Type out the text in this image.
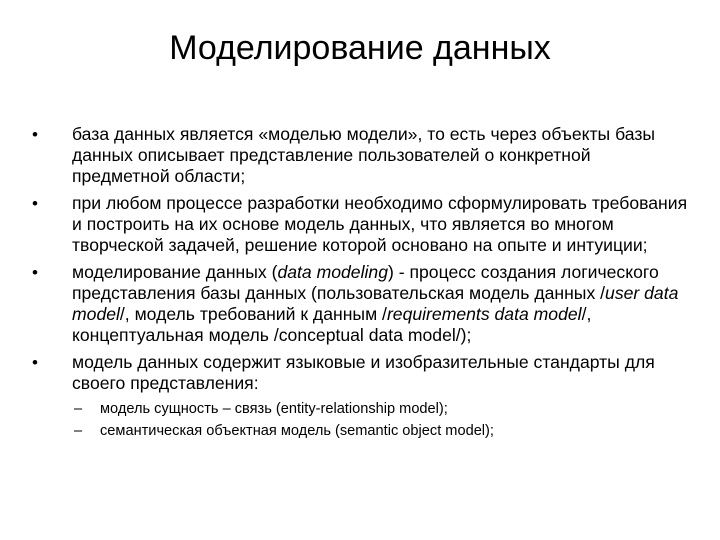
Моделирование данных
• база данных является «моделью модели», то есть через объекты базы данных описывает представление пользователей о конкретной предметной области;
• при любом процессе разработки необходимо сформулировать требования и построить на их основе модель данных, что является во многом творческой задачей, решение которой основано на опыте и интуиции;
• моделирование данных (data modeling) - процесс создания логического представления базы данных (пользовательская модель данных /user data model/, модель требований к данным /requirements data model/, концептуальная модель /conceptual data model/);
• модель данных содержит языковые и изобразительные стандарты для своего представления:
– модель сущность – связь (entity-relationship model);
– семантическая объектная модель (semantic object model);
